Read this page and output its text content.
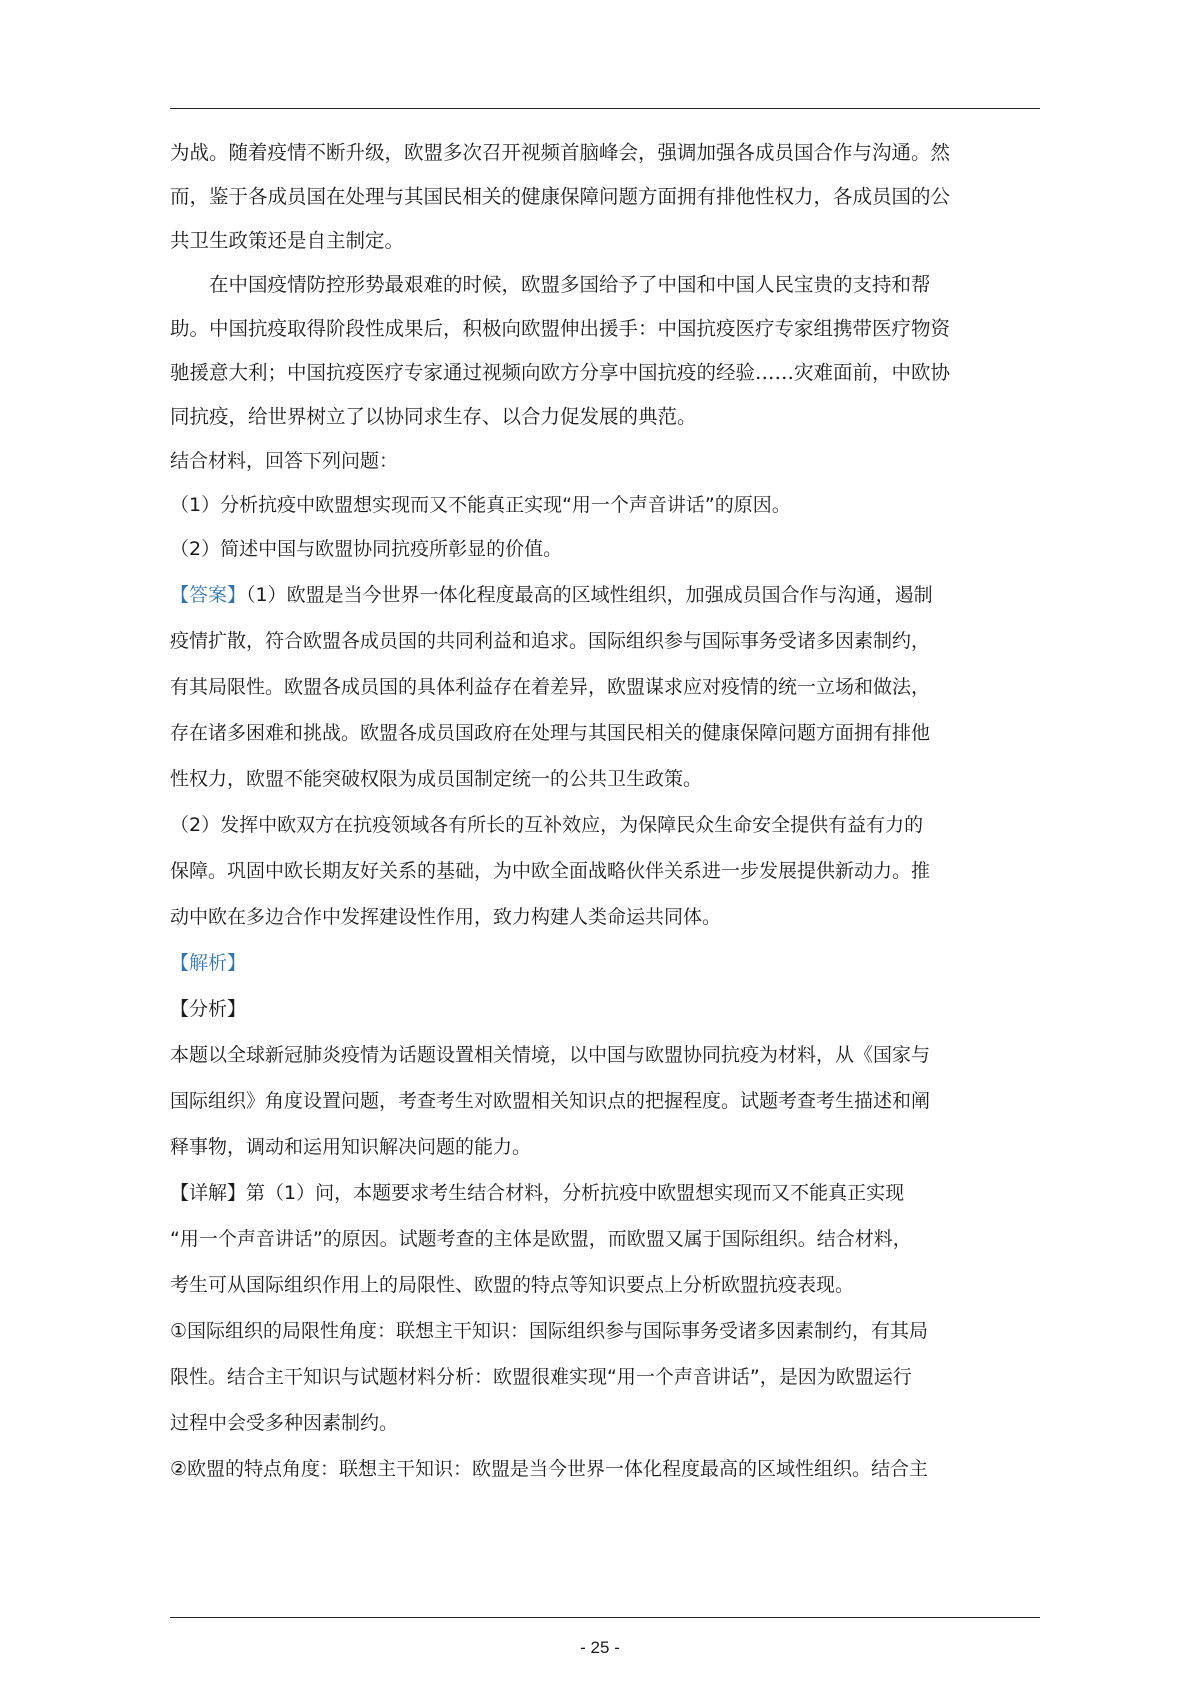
为战。随着疫情不断升级，欧盟多次召开视频首脑峰会，强调加强各成员国合作与沟通。然
而，鉴于各成员国在处理与其国民相关的健康保障问题方面拥有排他性权力，各成员国的公
共卫生政策还是自主制定。
在中国疫情防控形势最艰难的时候，欧盟多国给予了中国和中国人民宝贵的支持和帮
助。中国抗疫取得阶段性成果后，积极向欧盟伸出援手：中国抗疫医疗专家组携带医疗物资
驰援意大利；中国抗疫医疗专家通过视频向欧方分享中国抗疫的经验……灾难面前，中欧协
同抗疫，给世界树立了以协同求生存、以合力促发展的典范。
结合材料，回答下列问题：
（1）分析抗疫中欧盟想实现而又不能真正实现“用一个声音讲话”的原因。
（2）简述中国与欧盟协同抗疫所彰显的价值。
【答案】（1）欧盟是当今世界一体化程度最高的区域性组织，加强成员国合作与沟通，遏制
疫情扩散，符合欧盟各成员国的共同利益和追求。国际组织参与国际事务受诸多因素制约，
有其局限性。欧盟各成员国的具体利益存在着差异，欧盟谋求应对疫情的统一立场和做法，
存在诸多困难和挑战。欧盟各成员国政府在处理与其国民相关的健康保障问题方面拥有排他
性权力，欧盟不能突破权限为成员国制定统一的公共卫生政策。
（2）发挥中欧双方在抗疫领域各有所长的互补效应，为保障民众生命安全提供有益有力的
保障。巩固中欧长期友好关系的基础，为中欧全面战略伙伴关系进一步发展提供新动力。推
动中欧在多边合作中发挥建设性作用，致力构建人类命运共同体。
【解析】
【分析】
本题以全球新冠肺炎疫情为话题设置相关情境，以中国与欧盟协同抗疫为材料，从《国家与
国际组织》角度设置问题，考查考生对欧盟相关知识点的把握程度。试题考查考生描述和阐
释事物，调动和运用知识解决问题的能力。
【详解】第（1）问，本题要求考生结合材料，分析抗疫中欧盟想实现而又不能真正实现
“用一个声音讲话”的原因。试题考查的主体是欧盟，而欧盟又属于国际组织。结合材料，
考生可从国际组织作用上的局限性、欧盟的特点等知识要点上分析欧盟抗疫表现。
①国际组织的局限性角度：联想主干知识：国际组织参与国际事务受诸多因素制约，有其局
限性。结合主干知识与试题材料分析：欧盟很难实现“用一个声音讲话”，是因为欧盟运行
过程中会受多种因素制约。
②欧盟的特点角度：联想主干知识：欧盟是当今世界一体化程度最高的区域性组织。结合主
- 25 -
